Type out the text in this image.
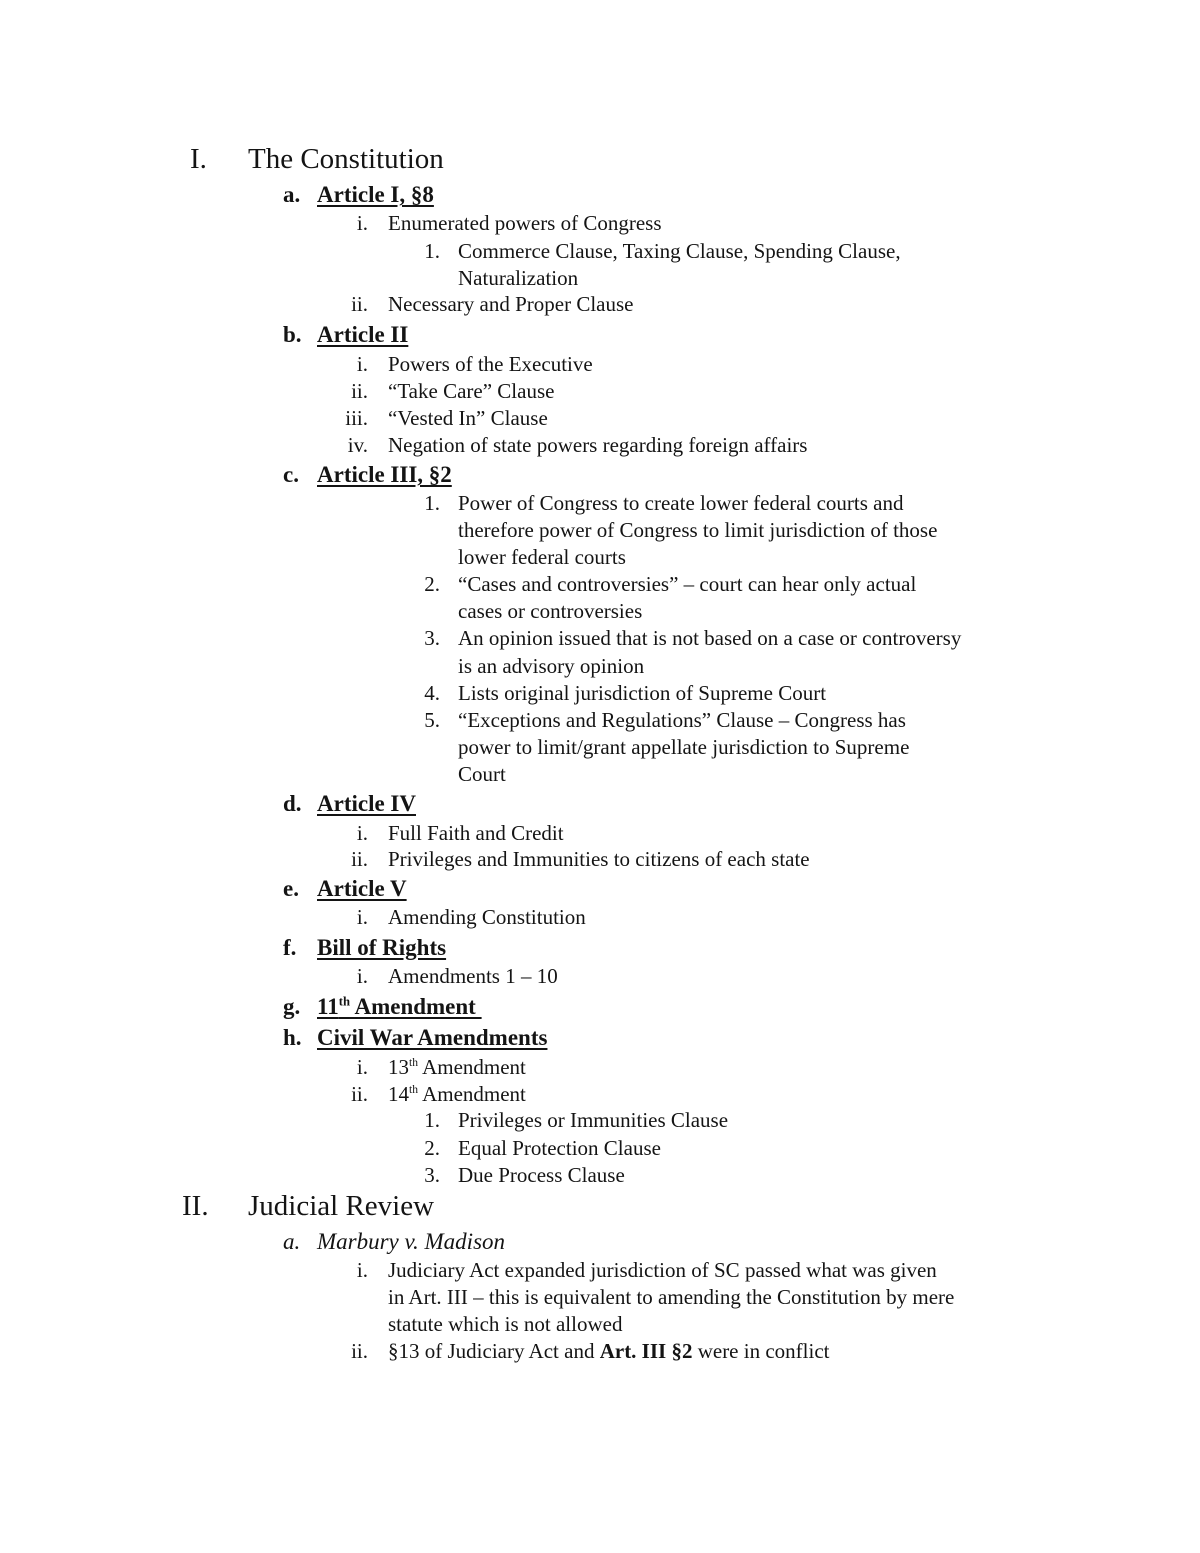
I.	The Constitution
a. Article I, §8
i. Enumerated powers of Congress
1. Commerce Clause, Taxing Clause, Spending Clause,
Naturalization
ii. Necessary and Proper Clause
b. Article II
i. Powers of the Executive
ii. “Take Care” Clause
iii. “Vested In” Clause
iv. Negation of state powers regarding foreign affairs
c. Article III, §2
1. Power of Congress to create lower federal courts and
therefore power of Congress to limit jurisdiction of those
lower federal courts
2. “Cases and controversies” – court can hear only actual
cases or controversies
3. An opinion issued that is not based on a case or controversy
is an advisory opinion
4. Lists original jurisdiction of Supreme Court
5. “Exceptions and Regulations” Clause – Congress has
power to limit/grant appellate jurisdiction to Supreme
Court
d. Article IV
i. Full Faith and Credit
ii. Privileges and Immunities to citizens of each state
e. Article V
i. Amending Constitution
f. Bill of Rights
i. Amendments 1 – 10
g. 11th Amendment
h. Civil War Amendments
i. 13th Amendment
ii. 14th Amendment
1. Privileges or Immunities Clause
2. Equal Protection Clause
3. Due Process Clause
II.	Judicial Review
a. Marbury v. Madison
i. Judiciary Act expanded jurisdiction of SC passed what was given
in Art. III – this is equivalent to amending the Constitution by mere
statute which is not allowed
ii. §13 of Judiciary Act and Art. III §2 were in conflict
